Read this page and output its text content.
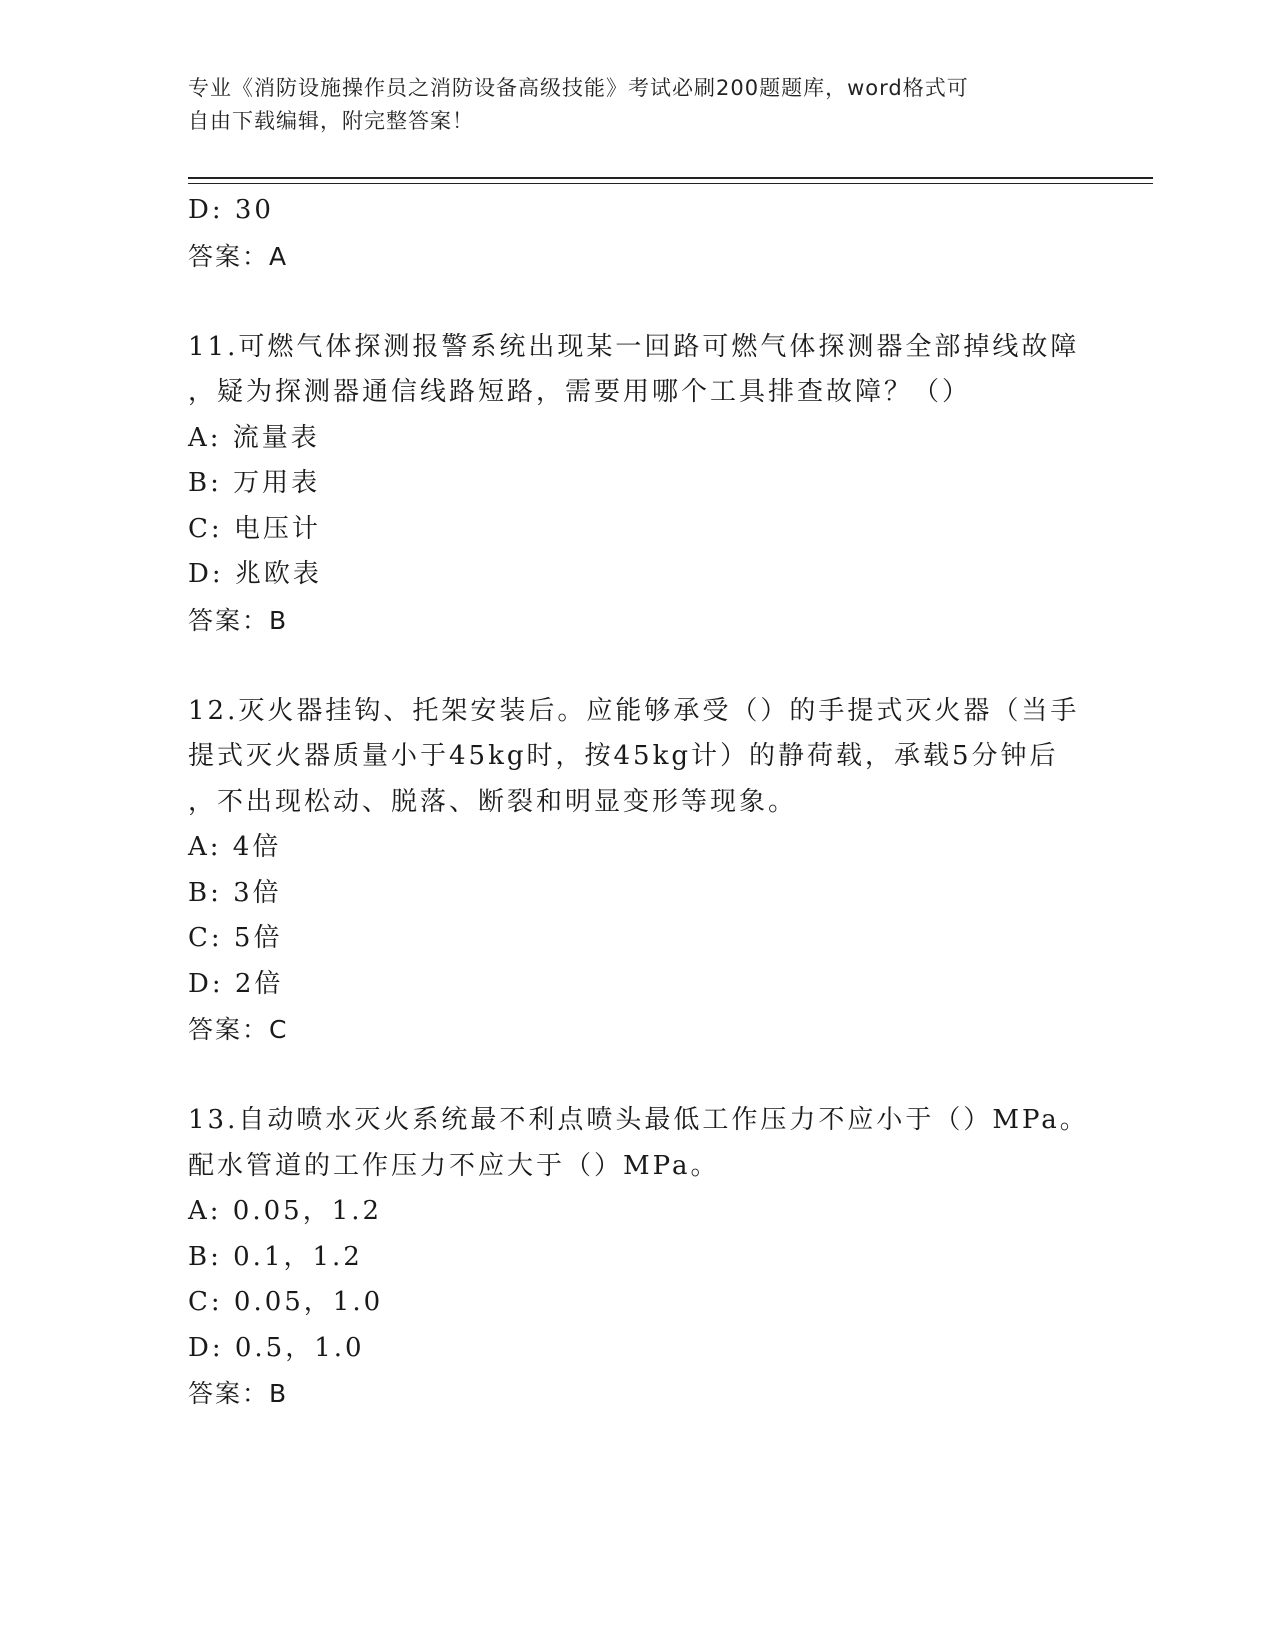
专业《消防设施操作员之消防设备高级技能》考试必刷200题题库，word格式可
自由下载编辑，附完整答案！
D: 30
答案：A
11.可燃气体探测报警系统出现某一回路可燃气体探测器全部掉线故障
，疑为探测器通信线路短路，需要用哪个工具排查故障？（）
A: 流量表
B: 万用表
C: 电压计
D: 兆欧表
答案：B
12.灭火器挂钩、托架安装后。应能够承受（）的手提式灭火器（当手
提式灭火器质量小于45kg时，按45kg计）的静荷载，承载5分钟后
，不出现松动、脱落、断裂和明显变形等现象。
A: 4倍
B: 3倍
C: 5倍
D: 2倍
答案：C
13.自动喷水灭火系统最不利点喷头最低工作压力不应小于（）MPa。
配水管道的工作压力不应大于（）MPa。
A: 0.05，1.2
B: 0.1，1.2
C: 0.05，1.0
D: 0.5，1.0
答案：B
